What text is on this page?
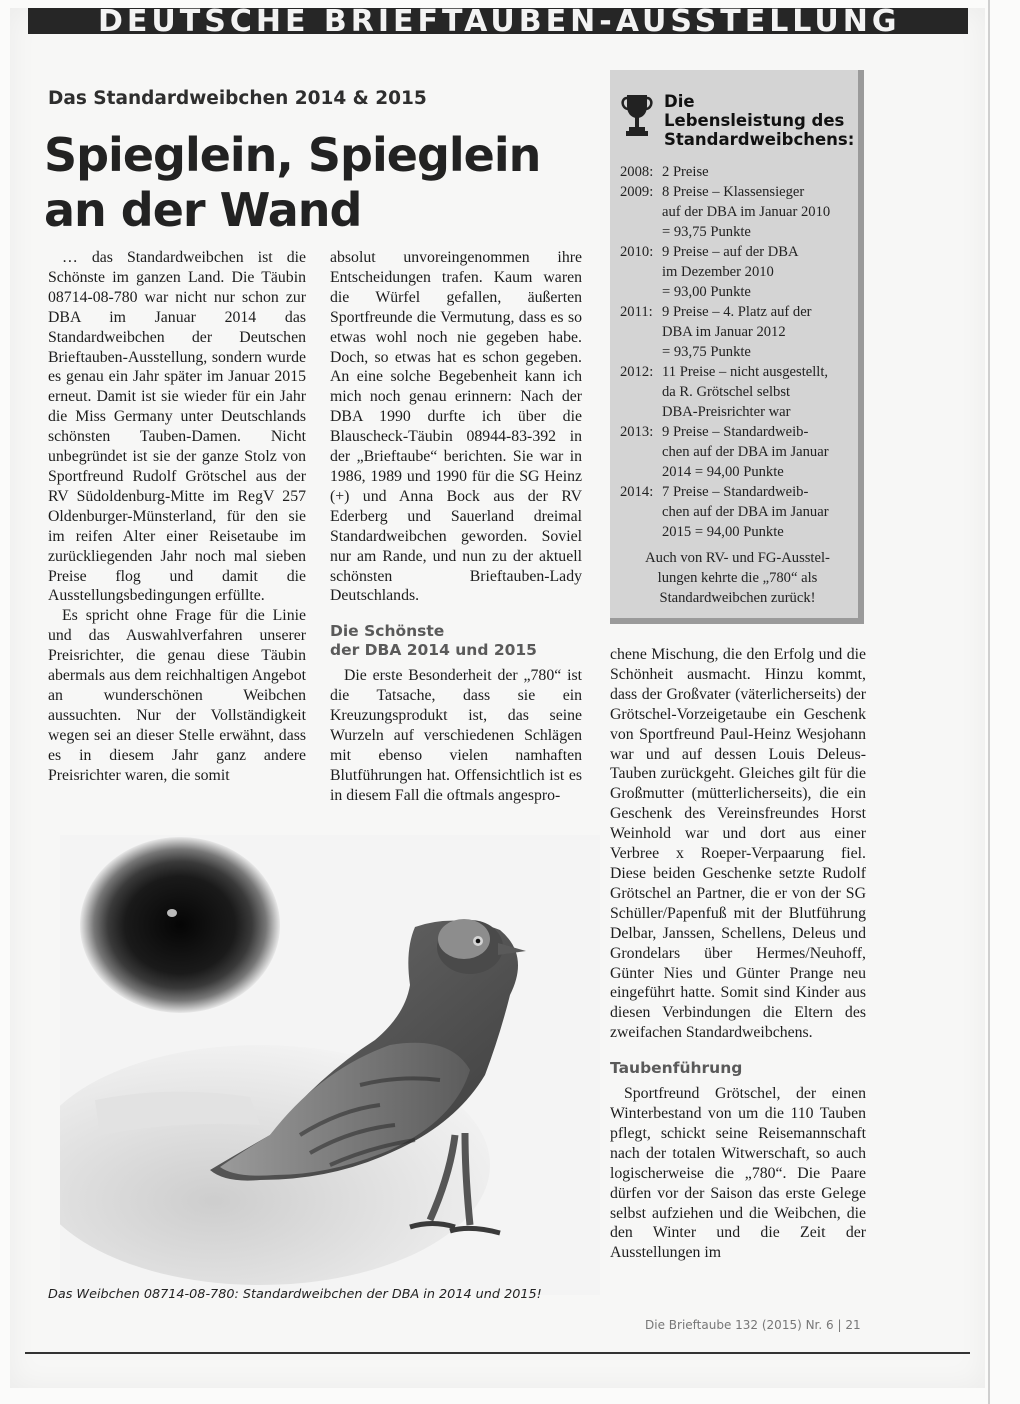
DEUTSCHE BRIEFTAUBEN-AUSSTELLUNG
Das Standardweibchen 2014 & 2015
Spieglein, Spieglein
an der Wand

… das Standardweibchen ist die Schönste im ganzen Land. Die Täubin 08714-08-780 war nicht nur schon zur DBA im Januar 2014 das Standardweibchen der Deutschen Brieftauben-Ausstellung, sondern wurde es genau ein Jahr später im Januar 2015 erneut. Damit ist sie wieder für ein Jahr die Miss Germany unter Deutschlands schönsten Tauben-Damen. Nicht unbegründet ist sie der ganze Stolz von Sportfreund Rudolf Grötschel aus der RV Südoldenburg-Mitte im RegV 257 Oldenburger-Münsterland, für den sie im reifen Alter einer Reisetaube im zurückliegenden Jahr noch mal sieben Preise flog und damit die Ausstellungsbedingungen erfüllte.

Es spricht ohne Frage für die Linie und das Auswahlverfahren unserer Preisrichter, die genau diese Täubin abermals aus dem reichhaltigen Angebot an wunderschönen Weibchen aussuchten. Nur der Vollständigkeit wegen sei an dieser Stelle erwähnt, dass es in diesem Jahr ganz andere Preisrichter waren, die somit

absolut unvoreingenommen ihre Entscheidungen trafen. Kaum waren die Würfel gefallen, äußerten Sportfreunde die Vermutung, dass es so etwas wohl noch nie gegeben habe. Doch, so etwas hat es schon gegeben. An eine solche Begebenheit kann ich mich noch genau erinnern: Nach der DBA 1990 durfte ich über die Blauscheck-Täubin 08944-83-392 in der „Brieftaube“ berichten. Sie war in 1986, 1989 und 1990 für die SG Heinz (+) und Anna Bock aus der RV Ederberg und Sauerland dreimal Standardweibchen geworden. Soviel nur am Rande, und nun zu der aktuell schönsten Brieftauben-Lady Deutschlands.

Die Schönste
der DBA 2014 und 2015

Die erste Besonderheit der „780“ ist die Tatsache, dass sie ein Kreuzungsprodukt ist, das seine Wurzeln auf verschiedenen Schlägen mit ebenso vielen namhaften Blutführungen hat. Offensichtlich ist es in diesem Fall die oftmals angespro-

Die
Lebensleistung des
Standardweibchens:
2008: 2 Preise
2009: 8 Preise – Klassensieger
auf der DBA im Januar 2010
= 93,75 Punkte
2010: 9 Preise – auf der DBA
im Dezember 2010
= 93,00 Punkte
2011: 9 Preise – 4. Platz auf der
DBA im Januar 2012
= 93,75 Punkte
2012: 11 Preise – nicht ausgestellt,
da R. Grötschel selbst
DBA-Preisrichter war
2013: 9 Preise – Standardweib-
chen auf der DBA im Januar
2014 = 94,00 Punkte
2014: 7 Preise – Standardweib-
chen auf der DBA im Januar
2015 = 94,00 Punkte
Auch von RV- und FG-Ausstel-
lungen kehrte die „780“ als
Standardweibchen zurück!

chene Mischung, die den Erfolg und die Schönheit ausmacht. Hinzu kommt, dass der Großvater (väterlicherseits) der Grötschel-Vorzeigetaube ein Geschenk von Sportfreund Paul-Heinz Wesjohann war und auf dessen Louis Deleus-Tauben zurückgeht. Gleiches gilt für die Großmutter (mütterlicherseits), die ein Geschenk des Vereinsfreundes Horst Weinhold war und dort aus einer Verbree x Roeper-Verpaarung fiel. Diese beiden Geschenke setzte Rudolf Grötschel an Partner, die er von der SG Schüller/Papenfuß mit der Blutführung Delbar, Janssen, Schellens, Deleus und Grondelars über Hermes/Neuhoff, Günter Nies und Günter Prange neu eingeführt hatte. Somit sind Kinder aus diesen Verbindungen die Eltern des zweifachen Standardweibchens.

Taubenführung

Sportfreund Grötschel, der einen Winterbestand von um die 110 Tauben pflegt, schickt seine Reisemannschaft nach der totalen Witwerschaft, so auch logischerweise die „780“. Die Paare dürfen vor der Saison das erste Gelege selbst aufziehen und die Weibchen, die den Winter und die Zeit der Ausstellungen im

Das Weibchen 08714-08-780: Standardweibchen der DBA in 2014 und 2015!
Die Brieftaube 132 (2015) Nr. 6 | 21
